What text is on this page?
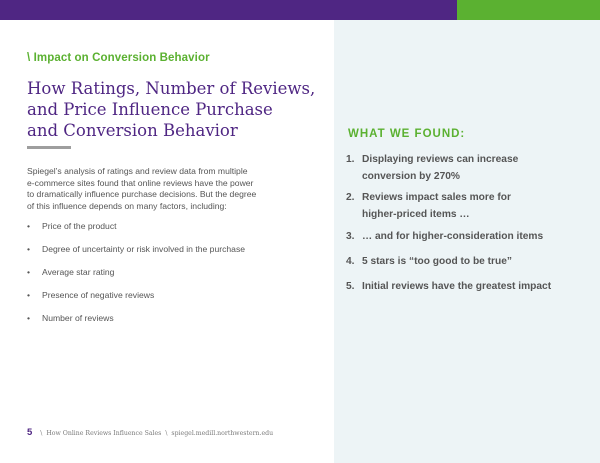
\ Impact on Conversion Behavior
How Ratings, Number of Reviews,
and Price Influence Purchase
and Conversion Behavior
Spiegel’s analysis of ratings and review data from multiple
e-commerce sites found that online reviews have the power
to dramatically influence purchase decisions. But the degree
of this influence depends on many factors, including:
• Price of the product
• Degree of uncertainty or risk involved in the purchase
• Average star rating
• Presence of negative reviews
• Number of reviews
WHAT WE FOUND:
1. Displaying reviews can increase
conversion by 270%
2. Reviews impact sales more for
higher-priced items …
3. … and for higher-consideration items
4. 5 stars is “too good to be true”
5. Initial reviews have the greatest impact
5 \ How Online Reviews Influence Sales \ spiegel.medill.northwestern.edu
